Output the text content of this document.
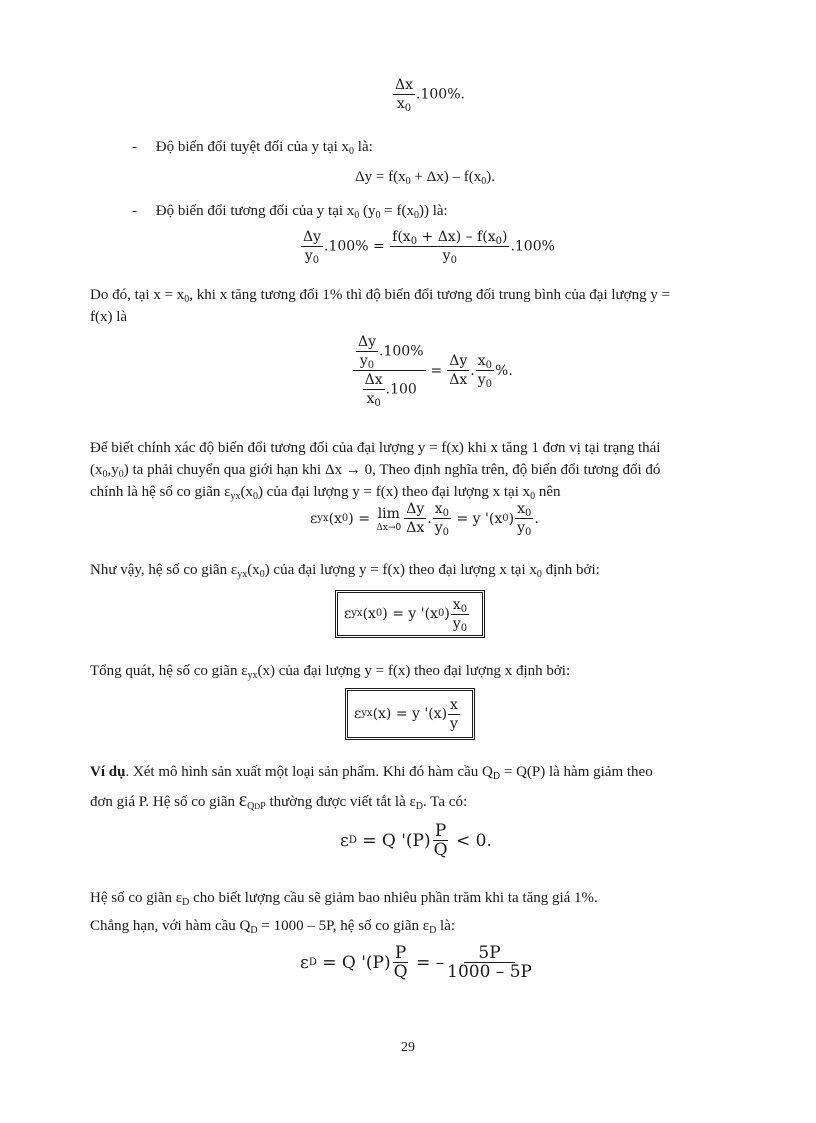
$\frac{\Delta x}{x_0} .100\%$.
- Độ biến đổi tuyệt đối của y tại $x_0$ là:
$\Delta y = f(x_0 + \Delta x) - f(x_0)$.
- Độ biến đổi tương đối của y tại $x_0$ $(y_0 = f(x_0))$ là:
$\frac{\Delta y}{y_0} .100\% = \frac{f(x_0 + \Delta x) - f(x_0)}{y_0} .100\%$
Do đó, tại $x = x_0$, khi x tăng tương đối 1% thì độ biến đổi tương đối trung bình của đại lượng y =
f(x) là
$\frac{\frac{\Delta y}{y_0} .100\%}{\frac{\Delta x}{x_0} .100} = \frac{\Delta y}{\Delta x}$ . $\frac{x_0}{y_0}$ % .
Để biết chính xác độ biến đổi tương đối của đại lượng y = f(x) khi x tăng 1 đơn vị tại trạng thái
$(x_0,y_0)$ ta phải chuyển qua giới hạn khi Δx → 0, Theo định nghĩa trên, độ biến đổi tương đối đó
chính là hệ số co giãn $\varepsilon_{yx}(x_0)$ của đại lượng y = f(x) theo đại lượng x tại $x_0$ nên
ε yx (x 0 ) =
lim
$\Delta x\to 0 \frac{\Delta y}{\Delta x}$ . $\frac{x_0}{y_0}$
= y '(x 0 ) $\frac{x_0}{y_0}$ .
Như vậy, hệ số co giãn $\varepsilon_{yx}(x_0)$ của đại lượng y = f(x) theo đại lượng x tại $x_0$ định bởi:
ε yx (x 0 ) = y '(x 0 ) $\frac{x_0}{y_0}$
Tổng quát, hệ số co giãn $\varepsilon_{yx}(x)$ của đại lượng y = f(x) theo đại lượng x định bởi:
ε yx (x) = y '$(x) \frac{x}{y}$
Ví dụ. Xét mô hình sản xuất một loại sản phẩm. Khi đó hàm cầu $Q_D = Q(P)$ là hàm giảm theo
đơn giá P. Hệ số co giãn $\varepsilon_{QDP}$ thường được viết tắt là $\varepsilon_D$. Ta có:
ε D
= Q '$(P) \frac{P}{Q}$
< 0 .
Hệ số co giãn $\varepsilon_D$ cho biết lượng cầu sẽ giảm bao nhiêu phần trăm khi ta tăng giá 1%.
Chẳng hạn, với hàm cầu $Q_D = 1000 - 5P$, hệ số co giãn $\varepsilon_D$ là:
ε D
= Q '$(P) \frac{P}{Q}$
= – $\frac{5P}{1000 - 5P}$
29
